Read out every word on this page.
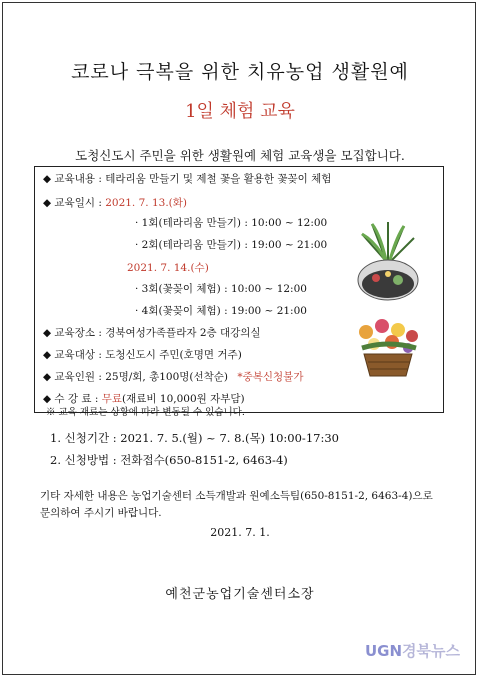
코로나 극복을 위한 치유농업 생활원예
1일 체험 교육
도청신도시 주민을 위한 생활원예 체험 교육생을 모집합니다.
◆ 교육내용 : 테라리움 만들기 및 제철 꽃을 활용한 꽃꽂이 체험
◆ 교육일시 : 2021. 7. 13.(화)
· 1회(테라리움 만들기) : 10:00 ~ 12:00
· 2회(테라리움 만들기) : 19:00 ~ 21:00
2021. 7. 14.(수)
· 3회(꽃꽂이 체험) : 10:00 ~ 12:00
· 4회(꽃꽂이 체험) : 19:00 ~ 21:00
◆ 교육장소 : 경북여성가족플라자 2층 대강의실
◆ 교육대상 : 도청신도시 주민(호명면 거주)
◆ 교육인원 : 25명/회, 총100명(선착순) *중복신청불가
◆ 수 강 료 : 무료(재료비 10,000원 자부담)
※ 교육 재료는 상황에 따라 변동될 수 있습니다.
1. 신청기간 : 2021. 7. 5.(월) ~ 7. 8.(목) 10:00-17:30
2. 신청방법 : 전화접수(650-8151-2, 6463-4)
기타 자세한 내용은 농업기술센터 소득개발과 원예소득팀(650-8151-2, 6463-4)으로
문의하여 주시기 바랍니다.
2021. 7. 1.
예천군농업기술센터소장
UGN경북뉴스
